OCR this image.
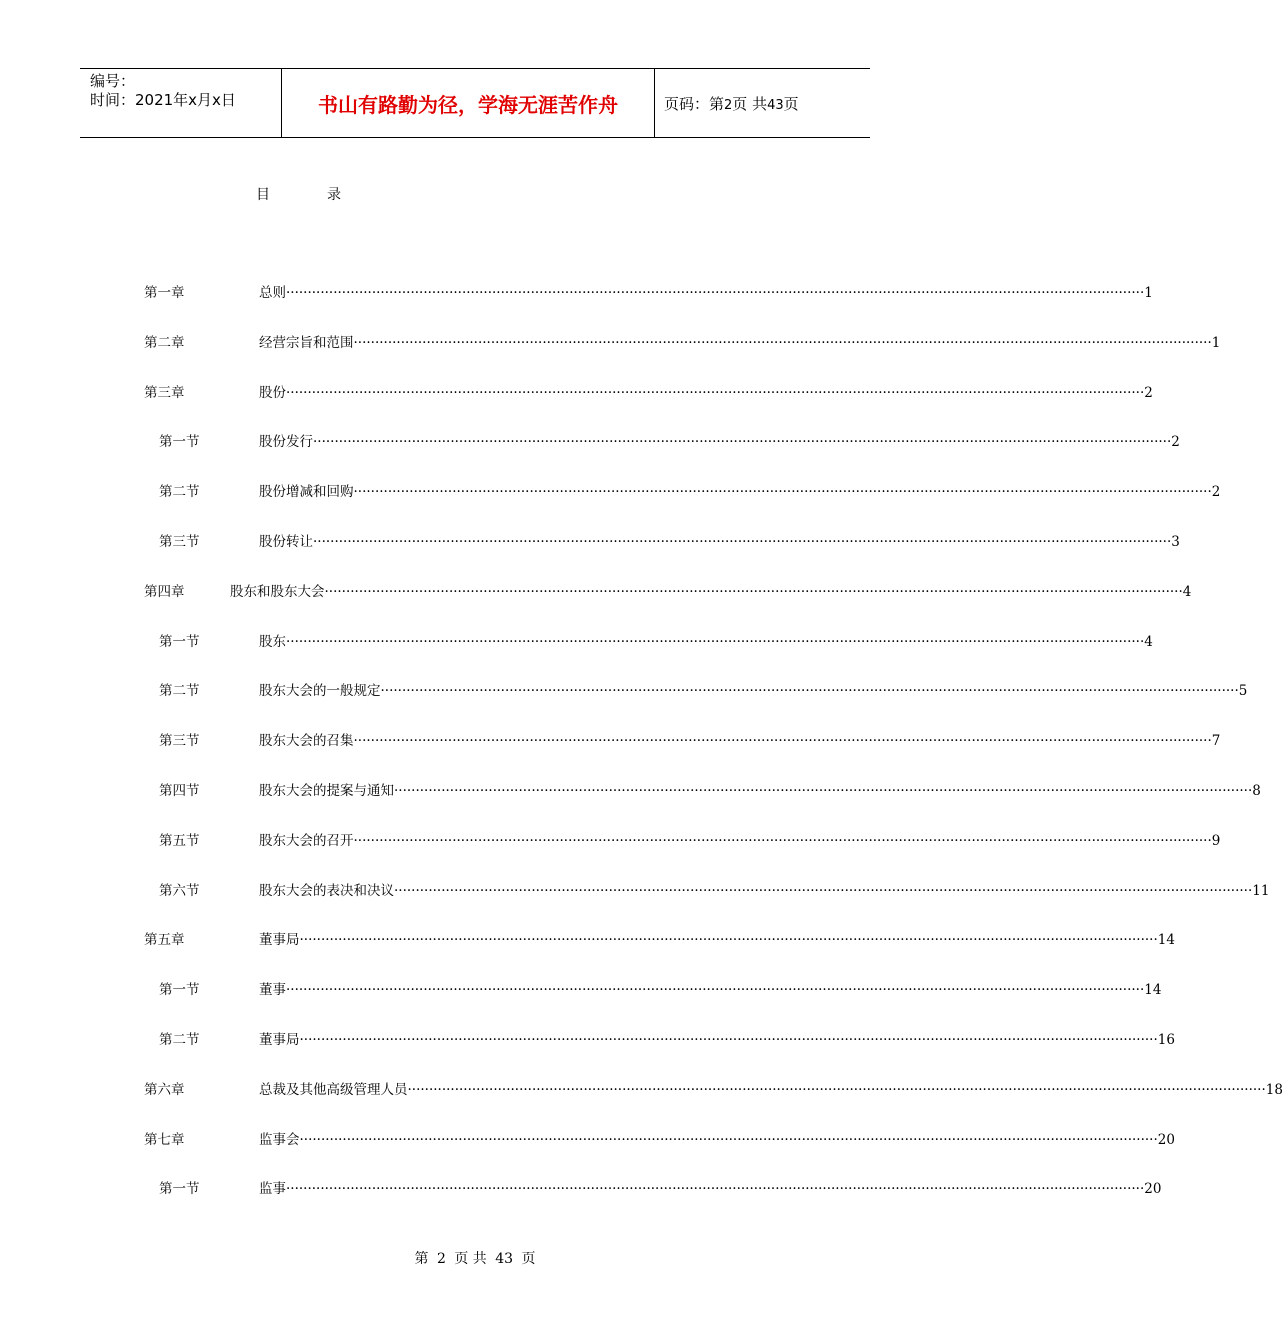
编号：
时间：2021年x月x日	书山有路勤为径，学海无涯苦作舟	页码：第2页 共43页
目	录
第一章	总则 ········································································································································································································ 1
第二章	经营宗旨和范围 ········································································································································································································ 1
第三章	股份 ········································································································································································································ 2
第一节	股份发行 ········································································································································································································ 2
第二节	股份增减和回购 ········································································································································································································ 2
第三节	股份转让 ········································································································································································································ 3
第四章	股东和股东大会 ········································································································································································································ 4
第一节	股东 ········································································································································································································ 4
第二节	股东大会的一般规定 ········································································································································································································ 5
第三节	股东大会的召集 ········································································································································································································ 7
第四节	股东大会的提案与通知 ········································································································································································································ 8
第五节	股东大会的召开 ········································································································································································································ 9
第六节	股东大会的表决和决议 ········································································································································································································ 11
第五章	董事局 ········································································································································································································ 14
第一节	董事 ········································································································································································································ 14
第二节	董事局 ········································································································································································································ 16
第六章	总裁及其他高级管理人员 ········································································································································································································ 18
第七章	监事会 ········································································································································································································ 20
第一节	监事 ········································································································································································································ 20
第 2 页 共 43 页
